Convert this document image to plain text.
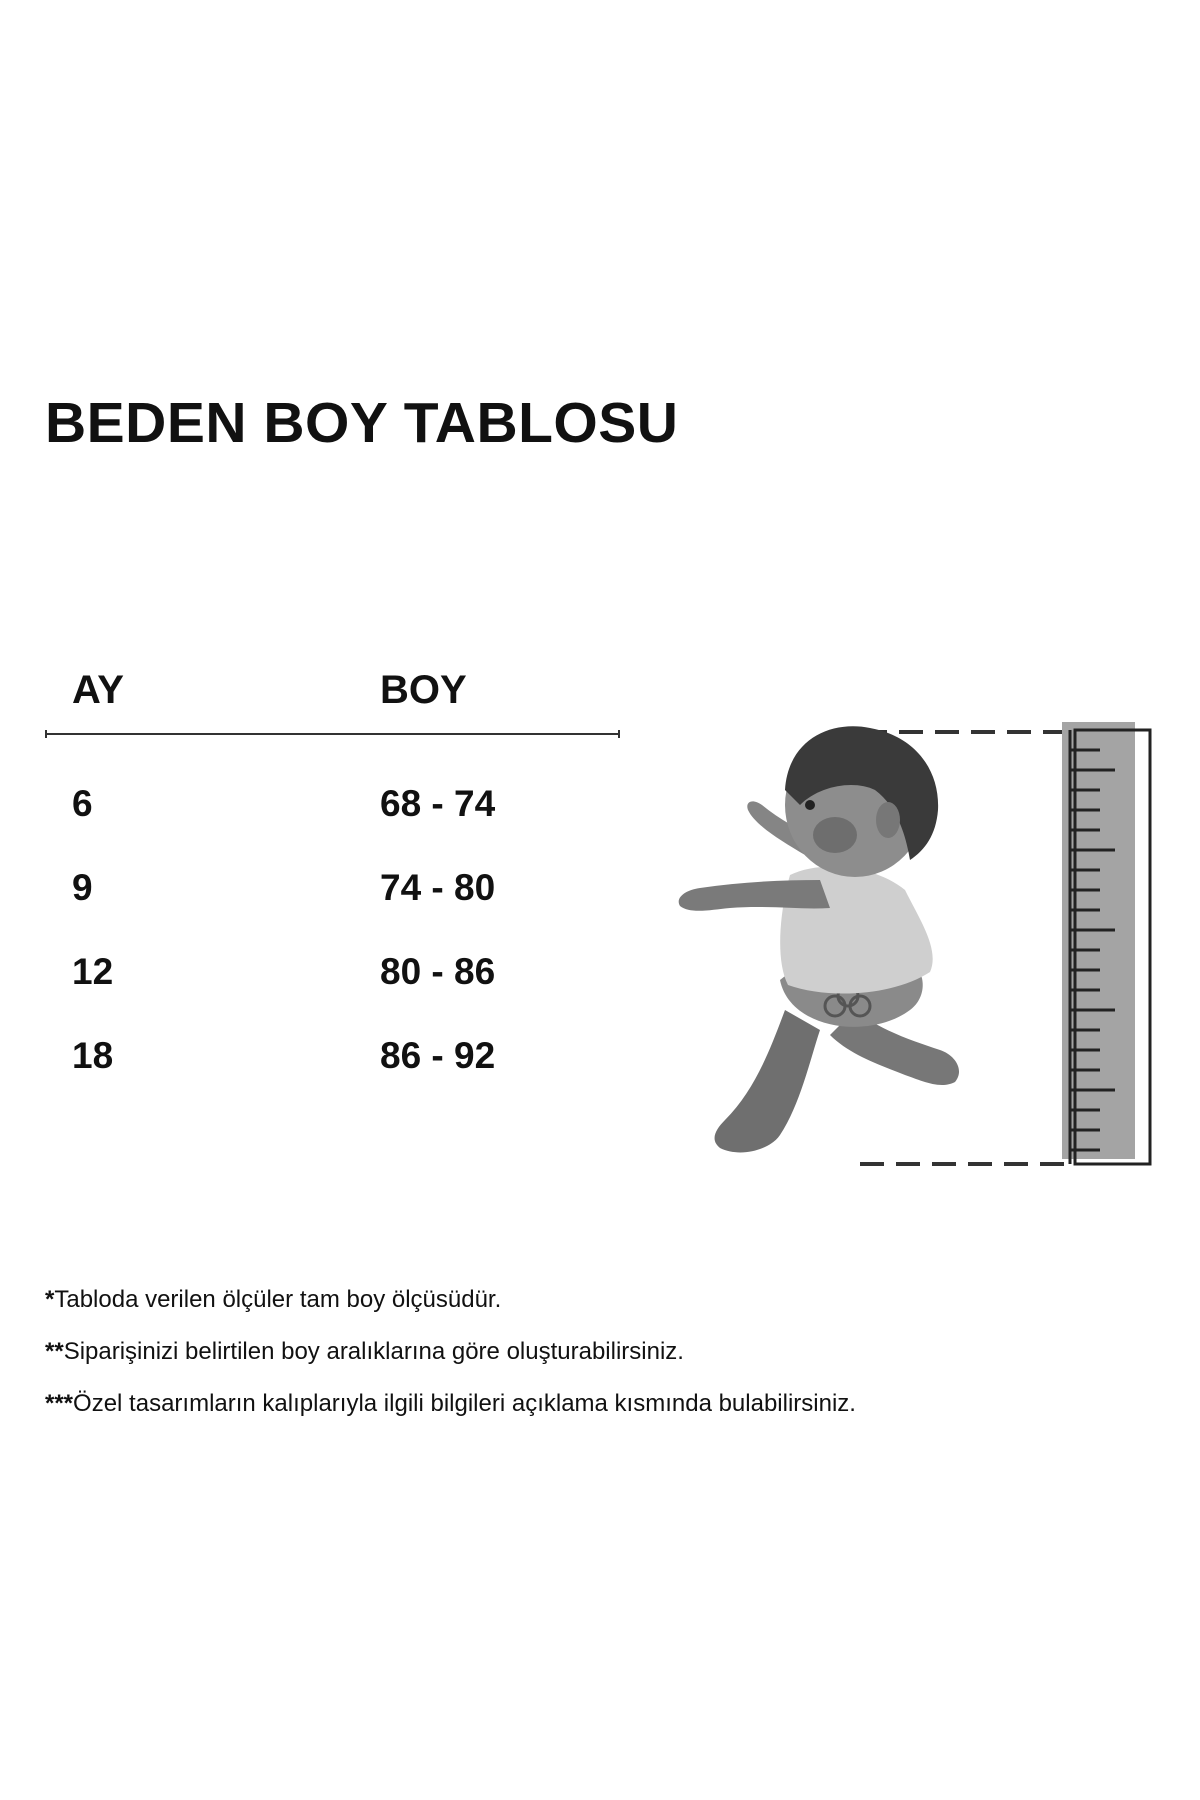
BEDEN BOY TABLOSU
AY	BOY
6	68 - 74
9	74 - 80
12	80 - 86
18	86 - 92
*Tabloda verilen ölçüler tam boy ölçüsüdür.
**Siparişinizi belirtilen boy aralıklarına göre oluşturabilirsiniz.
***Özel tasarımların kalıplarıyla ilgili bilgileri açıklama kısmında bulabilirsiniz.
